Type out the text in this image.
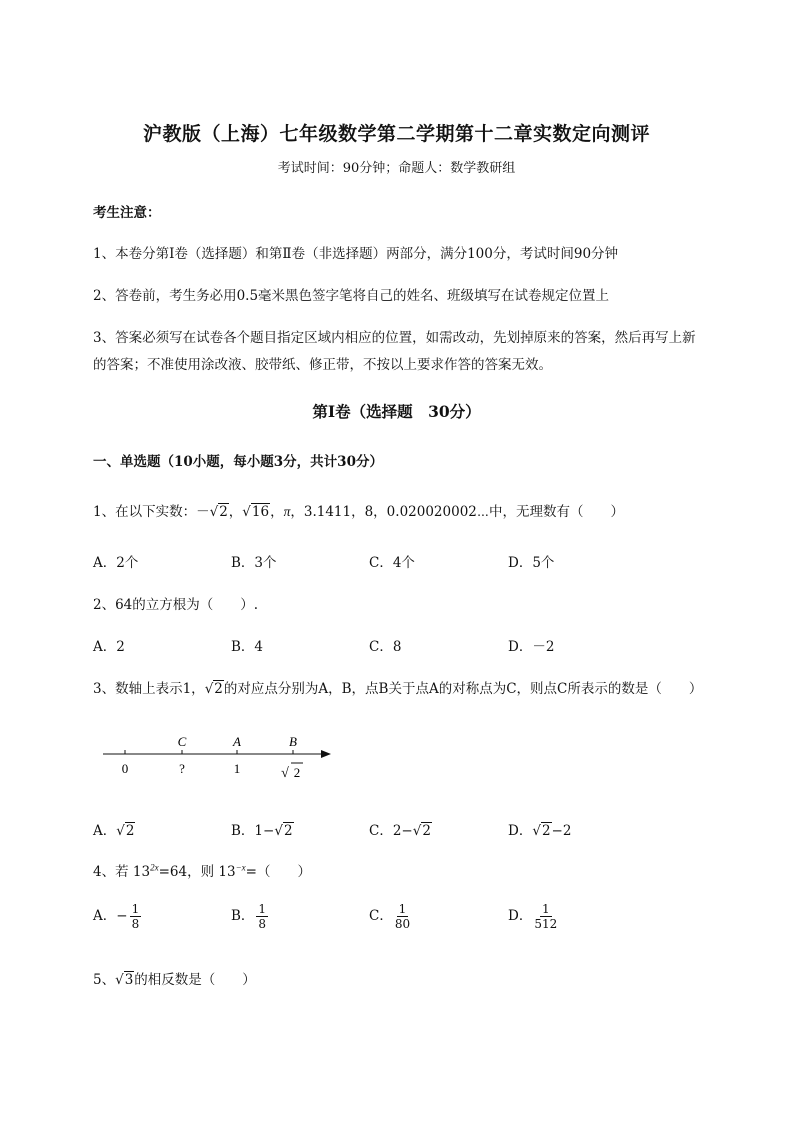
沪教版（上海）七年级数学第二学期第十二章实数定向测评
考试时间：90分钟；命题人：数学教研组
考生注意：
1、本卷分第I卷（选择题）和第Ⅱ卷（非选择题）两部分，满分100分，考试时间90分钟
2、答卷前，考生务必用0.5毫米黑色签字笔将自己的姓名、班级填写在试卷规定位置上
3、答案必须写在试卷各个题目指定区域内相应的位置，如需改动，先划掉原来的答案，然后再写上新
的答案；不准使用涂改液、胶带纸、修正带，不按以上要求作答的答案无效。
第I卷（选择题　30分）
一、单选题（10小题，每小题3分，共计30分）
1、在以下实数：－√2，√16，π，3.1411，8，0.020020002⋯中，无理数有（　　）
A．2个	B．3个	C．4个	D．5个
2、64的立方根为（　　）.
A．2	B．4	C．8	D．－2
3、数轴上表示1，√2的对应点分别为A，B，点B关于点A的对称点为C，则点C所表示的数是（　　）
C	A	B
0	?	1	√ 2
A．√2	B．1−√2	C．2−√2	D．√2−2
4、若 $13^{2x}=64$，则 $13^{-x}=$（　　）
A．− $\frac{1}{8}$	B． $\frac{1}{8}$	C． $\frac{1}{80}$	D． $\frac{1}{512}$
5、√3的相反数是（　　）
